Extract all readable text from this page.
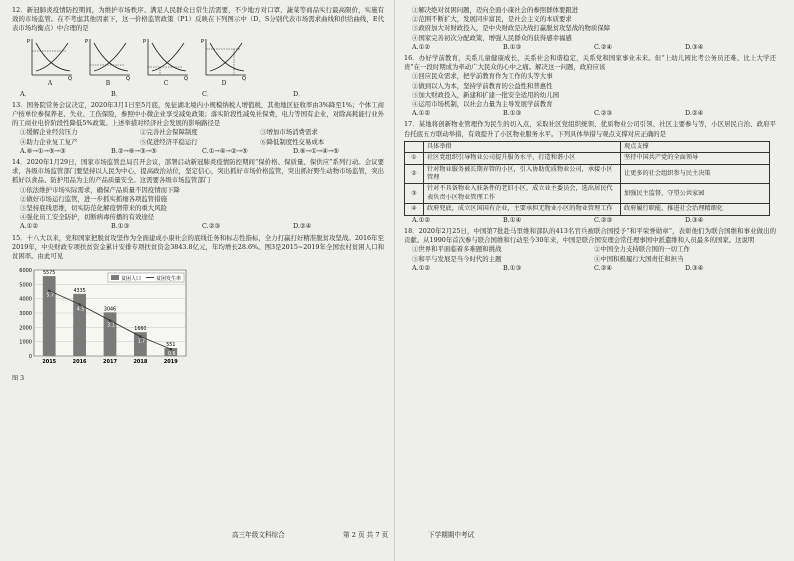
12．新冠肺炎疫情防控期间，为维护市场秩序、满足人民群众日常生活需要，不少地方对口罩、蔬菜等商品实行最高限价，实施有效的市场监管。在不考虑其他因素下，这一价格监管政策（P1）反映在下列图示中（D、S分别代表市场需求曲线和供给曲线，E代表市场均衡点）中合理的是
P
Q
A
P
Q
B
P
Q
C
P
Q
D
A．	B．	C．	D．
13．国务院常务会议决定，2020年3月1日至5月底，免征湖北境内小规模纳税人增值税，其他地区征收率由3%降至1%；个体工商户按单位参保养老、失业、工伤保险，参照中小微企业享受减免政策；落实阶段性减免社保费，电力等国有企业，对除高耗能行业外的工商业电价阶段性降低5%政策。上述举措对经济社会发展的影响路径是
①缓解企业经营压力	②完善社会保障制度	③增加市场消费需求
④助力企业复工复产	⑤促进经济平稳运行	⑥降低制度性交易成本
A.⑥→①→⑤→③	B.②→⑥→③→⑤	C.①→④→②→⑤	D.⑥→①→④→⑤
14．2020年1月29日，国家市场监管总局召开会议，部署启动新冠肺炎疫情防控期间“保价格、保质量、保供应”系列行动。会议要求，各级市场监管部门要坚持以人民为中心，提高政治站位，坚定信心，突出抓好市场价格监管，突出抓好野生动物市场监管，突出抓好以食品、防护用品为主的产品质量安全。这需要各级市场监管部门
①依法维护市场实际需求，确保产品质量不因疫情而下降
②做好市场运行监管，进一步抓实抓细各项监管措施
③坚持底线思维，切实防范化解疫情带来的重大风险
④强化员工安全防护，切断病毒传播的有效途径
A.①②	B.①③	C.②③	D.②④
15．十八大以来，党和国家把脱贫攻坚作为全面建成小康社会的底线任务和标志性指标，全力打赢打好精准脱贫攻坚战。2016年至2019年，中央财政专项扶贫资金累计安排专项扶贫资金3843.8亿元，年均增长28.6%。图3是2015~2019年全国农村贫困人口和贫困率。由此可见
0
1000
2000
3000
4000
5000
6000 5575
2015
5.7
4335
2016
4.5	3046
2017
3.1
1660
2018
1.7
551
2019
0.6
贫困人口	贫困发生率
图 3
①解决绝对贫困问题，迈向全面小康社会的参照群体要跟进
②范围不断扩大，发展同步富民，是社会主义的本质要求
③政府加大对财政投入，是中央财政是决战打赢脱贫攻坚战的物质保障
④国家完善初次分配政策，增强人民群众的获得感幸福感
A.①②	B.①③	C.②④	D.③④
16．办好学前教育，关系儿童健康成长，关系社会和谐稳定，关系党和国家事业未来。但“上幼儿园比考公务员还难、比上大学还贵”在一段时期成为牵动广大民众的心中之痛。解决这一问题，政府应该
①回应民众需求，把学前教育作为工作的头等大事
②做到以人为本，坚持学前教育的公益性和普惠性
③加大财政投入，新建和扩建一批安全适用的幼儿园
④运用市场机制，以社会力量为主导发展学前教育
A.①②	B.①③	C.②③	D.②④
17．某地将创新物业管理作为民生的切入点，采取社区党组织统领、优质物业公司引领、社区主要参与等，小区居民自治、政府平台托底五方联动举措，有效提升了小区物业服务水平。下列具体举措与观点支撑对应正确的是
	具体举措	观点支撑
①	社区党组织引导物业公司提升服务水平，打造和谐小区	坚持中国共产党的全面领导
②	针对物业服务被长期弃管的小区，引入协助优质物业公司，承接小区管理	让更多的社会组织参与民主决策
③	针对不具备物业入驻条件的老旧小区，成立业主委员会，选出居民代表负责小区物业管理工作	加强民主监督，守望公共家园
④	政府兜底，成立区国国有企业，主要承担无物业小区的物业管理工作	政府履行职能，推进社会治理精细化
A.①②	B.①④	C.②③	D.③④
18．2020年2月25日，中国第7批赴马里维和部队的413名官兵被联合国授予“和平荣誉勋章”，表彰他们为联合国维和事业做出的贡献。从1990年首次参与联合国维和行动至今30年来，中国是联合国安理会常任理事国中派遣维和人员最多的国家。这说明
①世界和平面临着多难题和挑战	②中国全力支持联合国的一切工作
③和平与发展是当今时代的主题	④中国积极履行大国责任和担当
A.①②	B.①③	C.②④	D.③④
高三年级文科综合	第 2 页 共 7 页	下学期期中考试
